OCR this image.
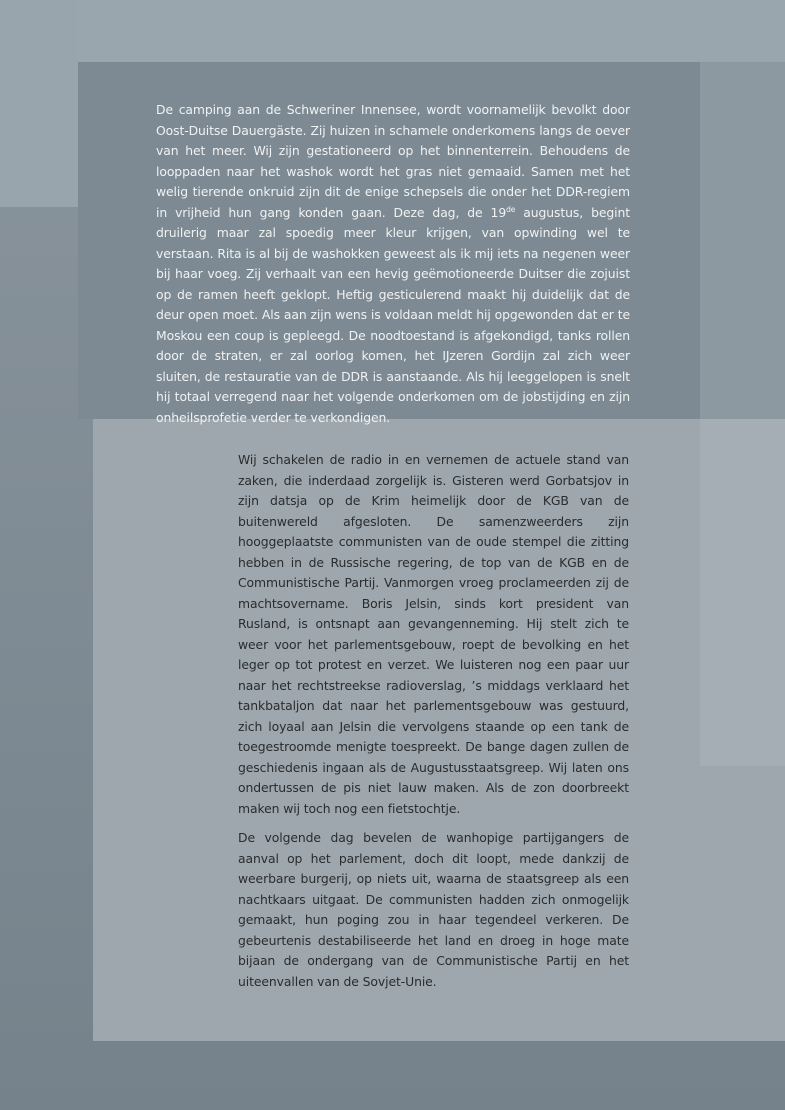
De camping aan de Schweriner Innensee, wordt voornamelijk bevolkt door Oost-Duitse Dauergäste. Zij huizen in schamele onderkomens langs de oever van het meer. Wij zijn gestationeerd op het binnenterrein. Behoudens de looppaden naar het washok wordt het gras niet gemaaid. Samen met het welig tierende onkruid zijn dit de enige schepsels die onder het DDR-regiem in vrijheid hun gang konden gaan. Deze dag, de 19de augustus, begint druilerig maar zal spoedig meer kleur krijgen, van opwinding wel te verstaan. Rita is al bij de washokken geweest als ik mij iets na negenen weer bij haar voeg. Zij verhaalt van een hevig geëmotioneerde Duitser die zojuist op de ramen heeft geklopt. Heftig gesticulerend maakt hij duidelijk dat de deur open moet. Als aan zijn wens is voldaan meldt hij opgewonden dat er te Moskou een coup is gepleegd. De noodtoestand is afgekondigd, tanks rollen door de straten, er zal oorlog komen, het IJzeren Gordijn zal zich weer sluiten, de restauratie van de DDR is aanstaande. Als hij leeggelopen is snelt hij totaal verregend naar het volgende onderkomen om de jobstijding en zijn onheilsprofetie verder te verkondigen.

Wij schakelen de radio in en vernemen de actuele stand van zaken, die inderdaad zorgelijk is. Gisteren werd Gorbatsjov in zijn datsja op de Krim heimelijk door de KGB van de buitenwereld afgesloten. De samenzweerders zijn hooggeplaatste communisten van de oude stempel die zitting hebben in de Russische regering, de top van de KGB en de Communistische Partij. Vanmorgen vroeg proclameerden zij de machtsovername. Boris Jelsin, sinds kort president van Rusland, is ontsnapt aan gevangenneming. Hij stelt zich te weer voor het parlementsgebouw, roept de bevolking en het leger op tot protest en verzet. We luisteren nog een paar uur naar het rechtstreekse radioverslag, ’s middags verklaard het tankbataljon dat naar het parlementsgebouw was gestuurd, zich loyaal aan Jelsin die vervolgens staande op een tank de toegestroomde menigte toespreekt. De bange dagen zullen de geschiedenis ingaan als de Augustusstaatsgreep. Wij laten ons ondertussen de pis niet lauw maken. Als de zon doorbreekt maken wij toch nog een fietstochtje.

De volgende dag bevelen de wanhopige partijgangers de aanval op het parlement, doch dit loopt, mede dankzij de weerbare burgerij, op niets uit, waarna de staatsgreep als een nachtkaars uitgaat. De communisten hadden zich onmogelijk gemaakt, hun poging zou in haar tegendeel verkeren. De gebeurtenis destabiliseerde het land en droeg in hoge mate bijaan de ondergang van de Communistische Partij en het uiteenvallen van de Sovjet-Unie.
